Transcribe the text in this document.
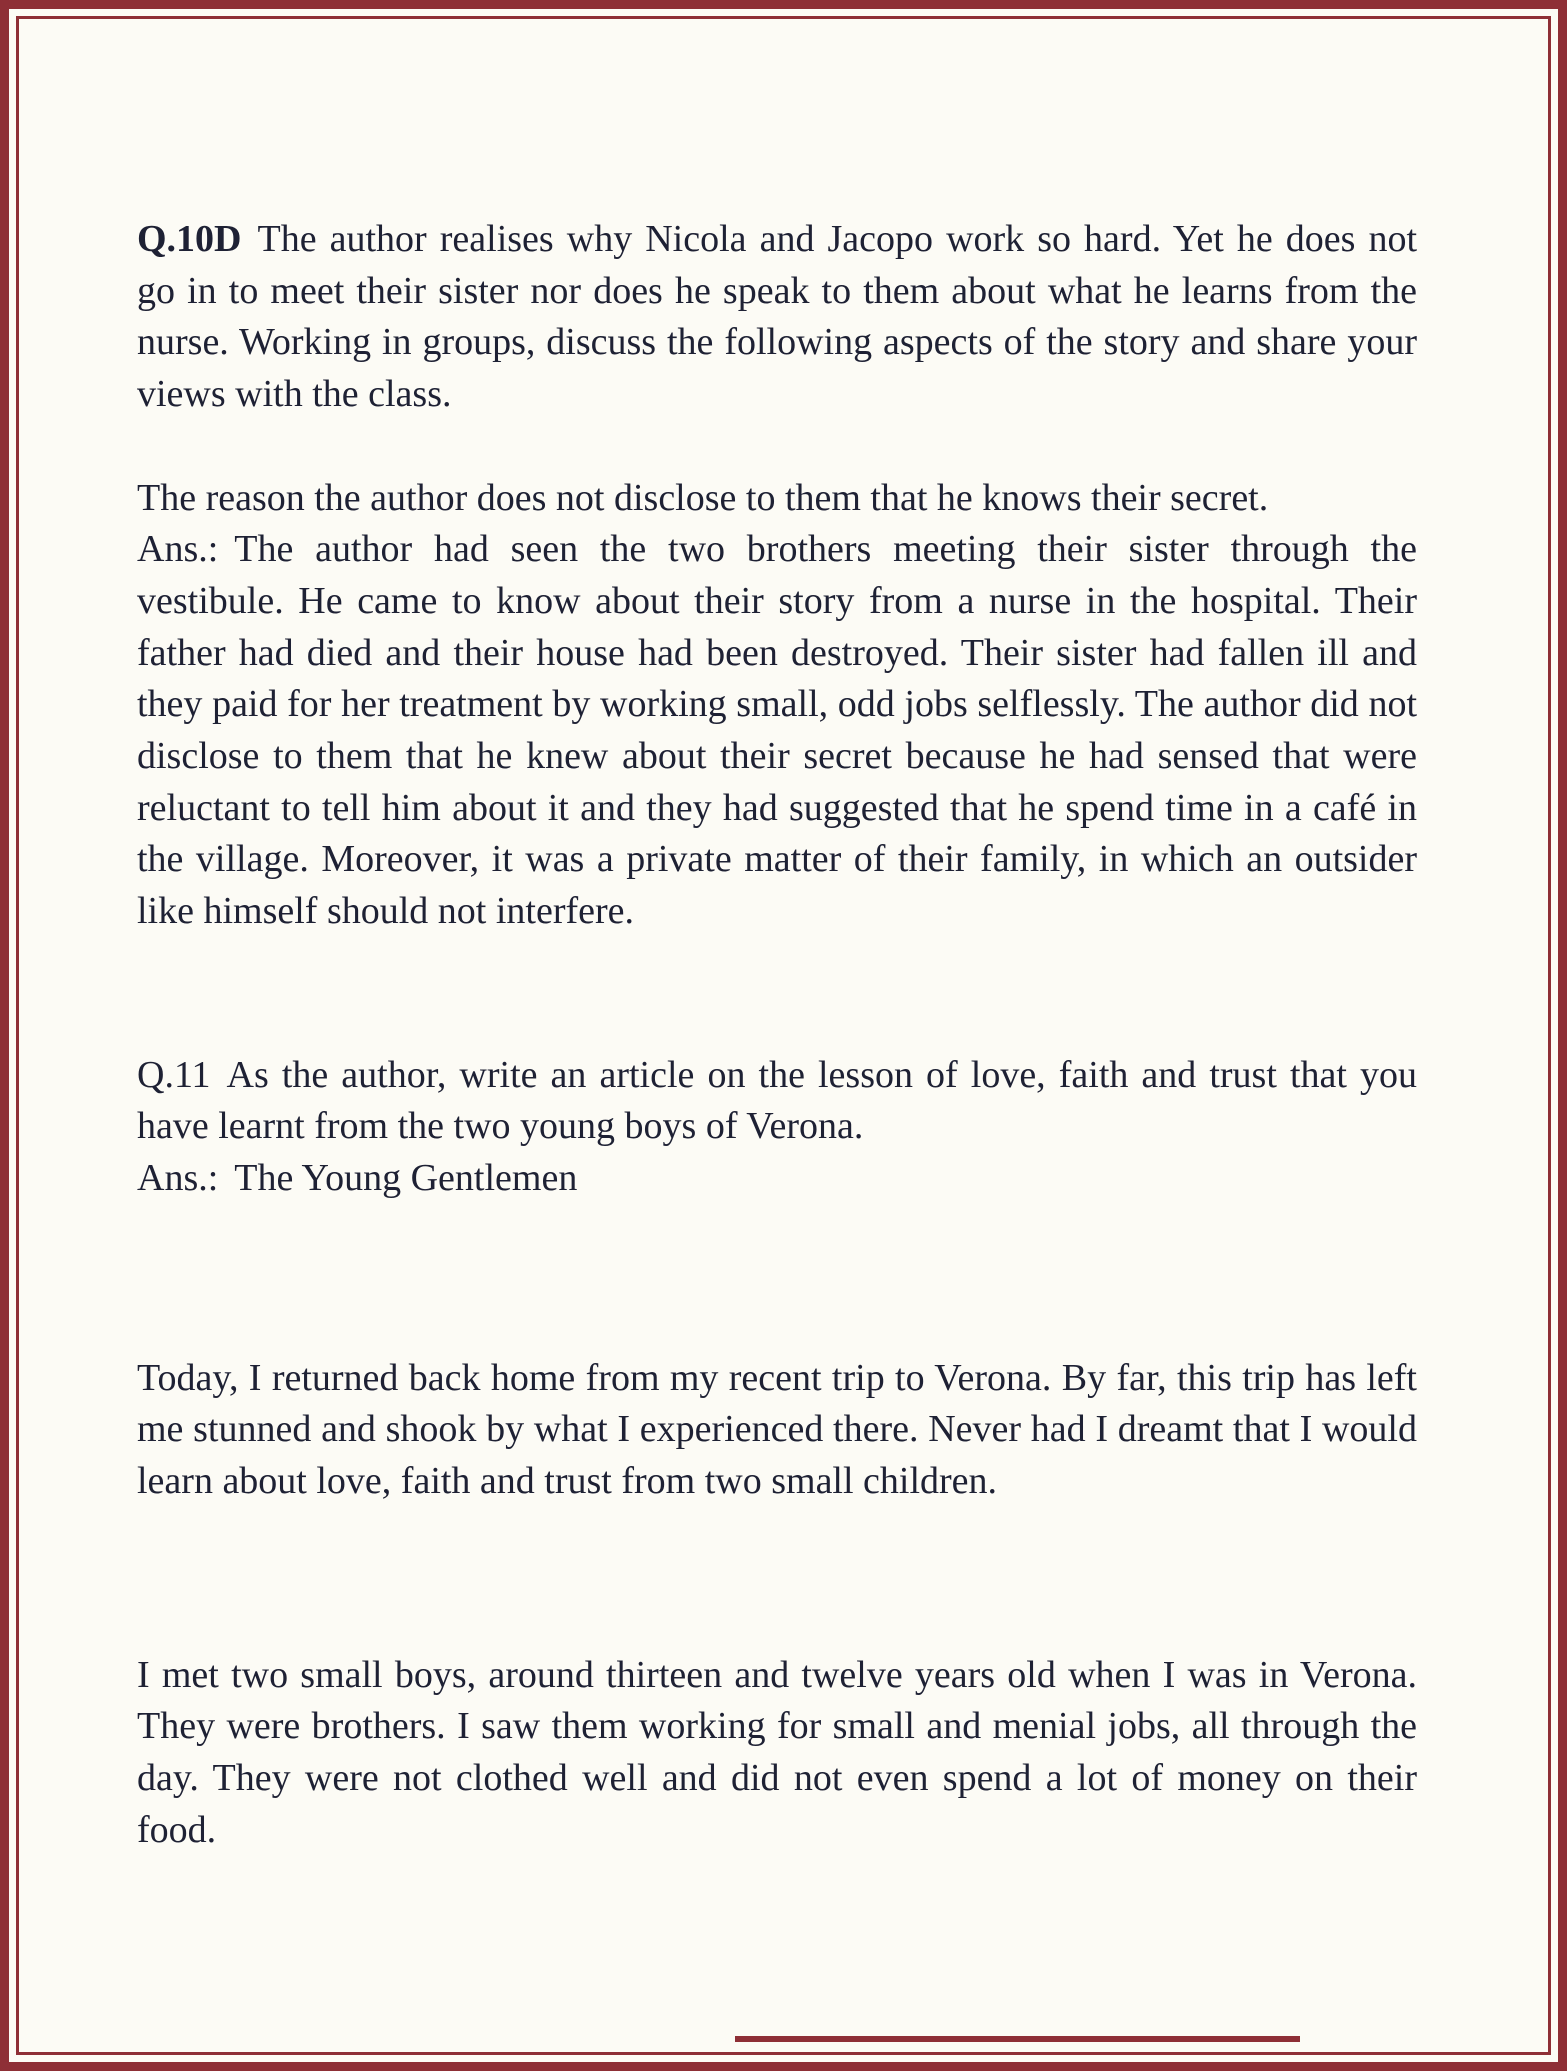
Q.10D The author realises why Nicola and Jacopo work so hard. Yet he does not go in to meet their sister nor does he speak to them about what he learns from the nurse. Working in groups, discuss the following aspects of the story and share your views with the class.

The reason the author does not disclose to them that he knows their secret.

Ans.: The author had seen the two brothers meeting their sister through the vestibule. He came to know about their story from a nurse in the hospital. Their father had died and their house had been destroyed. Their sister had fallen ill and they paid for her treatment by working small, odd jobs selflessly. The author did not disclose to them that he knew about their secret because he had sensed that were reluctant to tell him about it and they had suggested that he spend time in a café in the village. Moreover, it was a private matter of their family, in which an outsider like himself should not interfere.

Q.11 As the author, write an article on the lesson of love, faith and trust that you have learnt from the two young boys of Verona.

Ans.: The Young Gentlemen

Today, I returned back home from my recent trip to Verona. By far, this trip has left me stunned and shook by what I experienced there. Never had I dreamt that I would learn about love, faith and trust from two small children.

I met two small boys, around thirteen and twelve years old when I was in Verona. They were brothers. I saw them working for small and menial jobs, all through the day. They were not clothed well and did not even spend a lot of money on their food.
